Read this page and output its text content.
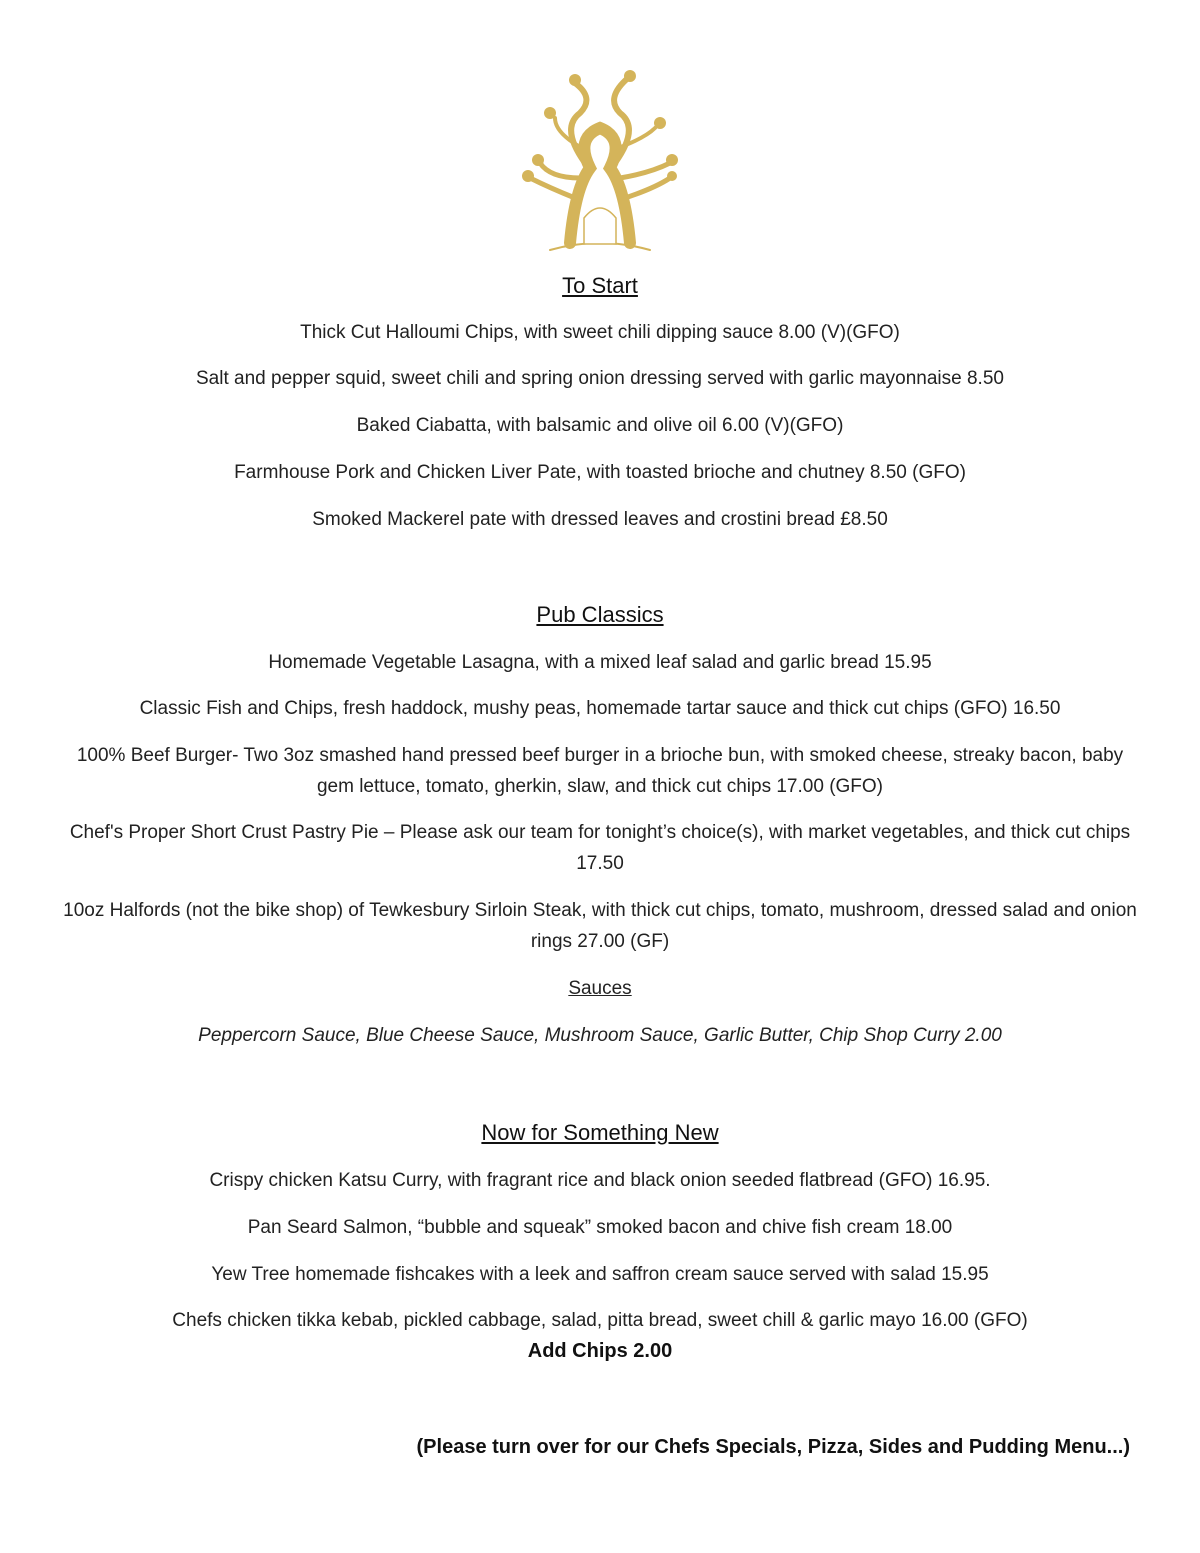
To Start
Thick Cut Halloumi Chips, with sweet chili dipping sauce 8.00 (V)(GFO)
Salt and pepper squid, sweet chili and spring onion dressing served with garlic mayonnaise 8.50
Baked Ciabatta, with balsamic and olive oil 6.00 (V)(GFO)
Farmhouse Pork and Chicken Liver Pate, with toasted brioche and chutney 8.50 (GFO)
Smoked Mackerel pate with dressed leaves and crostini bread £8.50
Pub Classics
Homemade Vegetable Lasagna, with a mixed leaf salad and garlic bread 15.95
Classic Fish and Chips, fresh haddock, mushy peas, homemade tartar sauce and thick cut chips (GFO) 16.50
100% Beef Burger- Two 3oz smashed hand pressed beef burger in a brioche bun, with smoked cheese, streaky bacon, baby gem lettuce, tomato, gherkin, slaw, and thick cut chips 17.00 (GFO)
Chef's Proper Short Crust Pastry Pie – Please ask our team for tonight’s choice(s), with market vegetables, and thick cut chips 17.50
10oz Halfords (not the bike shop) of Tewkesbury Sirloin Steak, with thick cut chips, tomato, mushroom, dressed salad and onion rings 27.00 (GF)
Sauces
Peppercorn Sauce, Blue Cheese Sauce, Mushroom Sauce, Garlic Butter, Chip Shop Curry 2.00
Now for Something New
Crispy chicken Katsu Curry, with fragrant rice and black onion seeded flatbread (GFO) 16.95.
Pan Seard Salmon, “bubble and squeak” smoked bacon and chive fish cream 18.00
Yew Tree homemade fishcakes with a leek and saffron cream sauce served with salad 15.95
Chefs chicken tikka kebab, pickled cabbage, salad, pitta bread, sweet chill & garlic mayo 16.00 (GFO)
Add Chips 2.00
(Please turn over for our Chefs Specials, Pizza, Sides and Pudding Menu...)
